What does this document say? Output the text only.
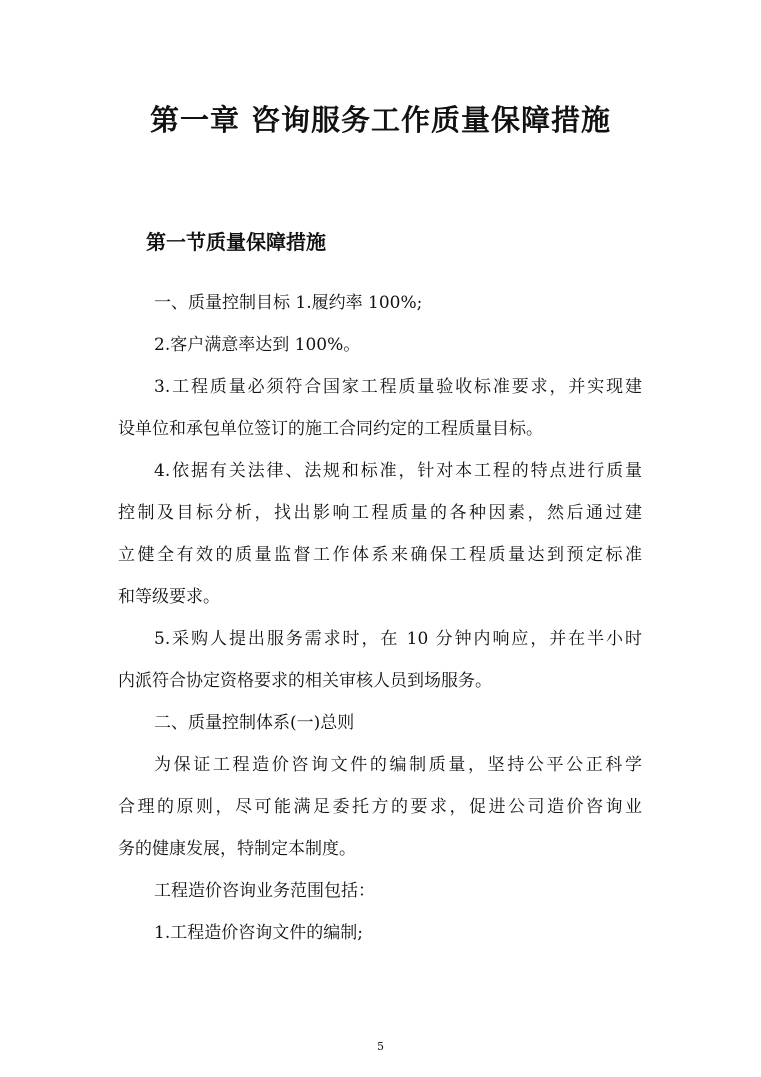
第一章 咨询服务工作质量保障措施
第一节质量保障措施
一、质量控制目标 1.履约率 100%;
2.客户满意率达到 100%。
3.工程质量必须符合国家工程质量验收标准要求，并实现建
设单位和承包单位签订的施工合同约定的工程质量目标。
4.依据有关法律、法规和标准，针对本工程的特点进行质量
控制及目标分析，找出影响工程质量的各种因素，然后通过建
立健全有效的质量监督工作体系来确保工程质量达到预定标准
和等级要求。
5.采购人提出服务需求时，在 10 分钟内响应，并在半小时
内派符合协定资格要求的相关审核人员到场服务。
二、质量控制体系(一)总则
为保证工程造价咨询文件的编制质量，坚持公平公正科学
合理的原则，尽可能满足委托方的要求，促进公司造价咨询业
务的健康发展，特制定本制度。
工程造价咨询业务范围包括：
1.工程造价咨询文件的编制;
5
